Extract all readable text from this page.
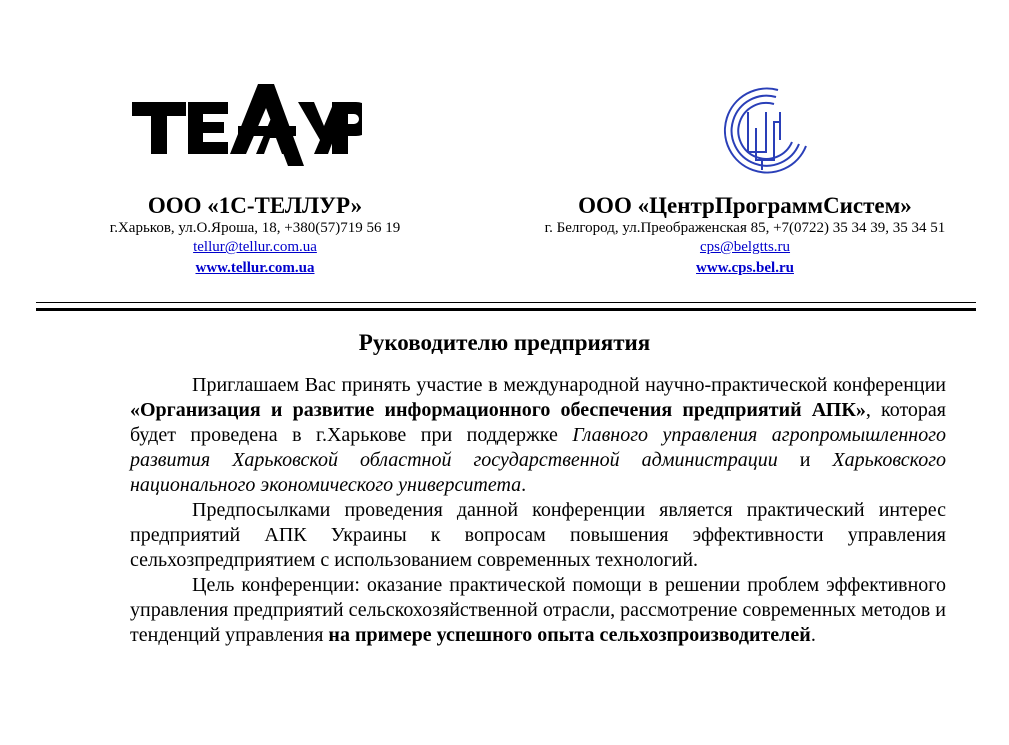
ООО «1С-ТЕЛЛУР»
г.Харьков, ул.О.Яроша, 18, +380(57)719 56 19
tellur@tellur.com.ua
www.tellur.com.ua
ООО «ЦентрПрограммСистем»
г. Белгород, ул.Преображенская 85, +7(0722) 35 34 39, 35 34 51
cps@belgtts.ru
www.cps.bel.ru
Руководителю предприятия

Приглашаем Вас принять участие в международной научно-практической конференции «Организация и развитие информационного обеспечения предприятий АПК», которая будет проведена в г.Харькове при поддержке Главного управления агропромышленного развития Харьковской областной государственной администрации и Харьковского национального экономического университета.

Предпосылками проведения данной конференции является практический интерес предприятий АПК Украины к вопросам повышения эффективности управления сельхозпредприятием с использованием современных технологий.

Цель конференции: оказание практической помощи в решении проблем эффективного управления предприятий сельскохозяйственной отрасли, рассмотрение современных методов и тенденций управления на примере успешного опыта сельхозпроизводителей.
